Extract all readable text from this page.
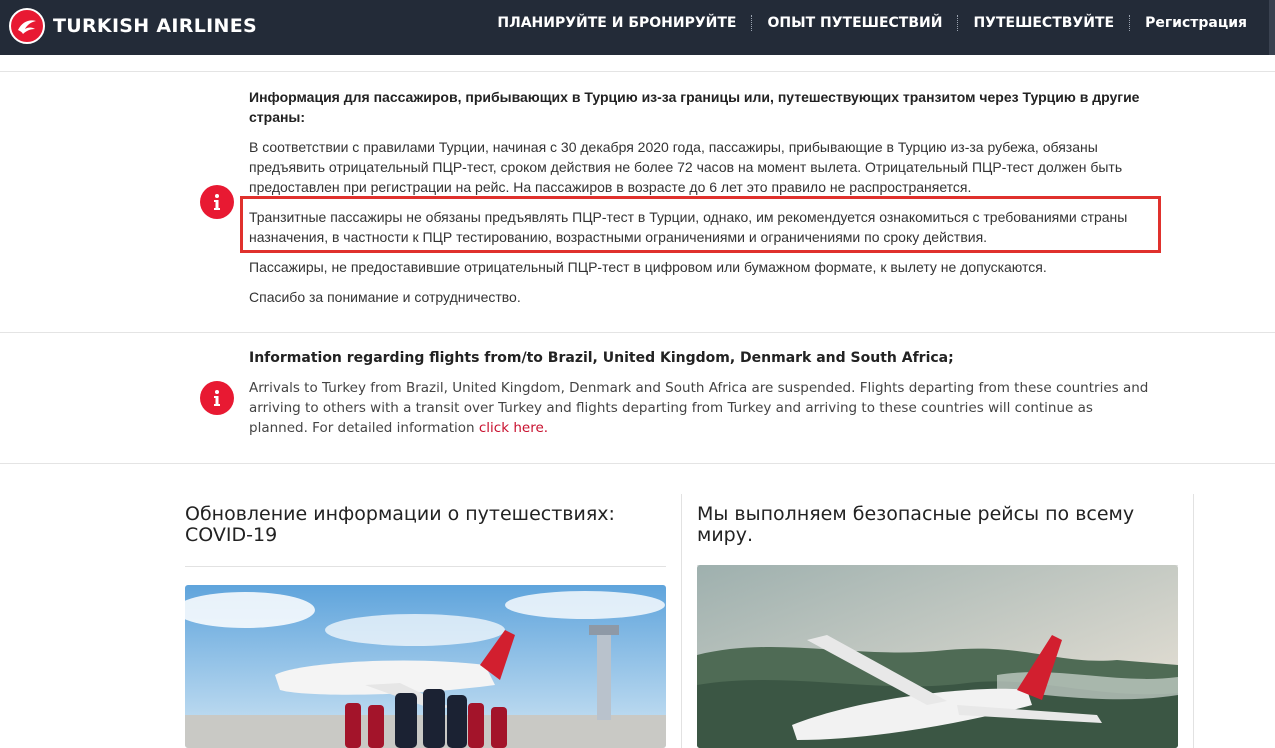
TURKISH AIRLINES	ПЛАНИРУЙТЕ И БРОНИРУЙТЕ	ОПЫТ ПУТЕШЕСТВИЙ	ПУТЕШЕСТВУЙТЕ	Регистрация
Информация для пассажиров, прибывающих в Турцию из-за границы или, путешествующих транзитом через Турцию в другие страны:
В соответствии с правилами Турции, начиная с 30 декабря 2020 года, пассажиры, прибывающие в Турцию из-за рубежа, обязаны предъявить отрицательный ПЦР-тест, сроком действия не более 72 часов на момент вылета. Отрицательный ПЦР-тест должен быть предоставлен при регистрации на рейс. На пассажиров в возрасте до 6 лет это правило не распространяется.
Транзитные пассажиры не обязаны предъявлять ПЦР-тест в Турции, однако, им рекомендуется ознакомиться с требованиями страны назначения, в частности к ПЦР тестированию, возрастными ограничениями и ограничениями по сроку действия.
Пассажиры, не предоставившие отрицательный ПЦР-тест в цифровом или бумажном формате, к вылету не допускаются.
Спасибо за понимание и сотрудничество.
Information regarding flights from/to Brazil, United Kingdom, Denmark and South Africa;
Arrivals to Turkey from Brazil, United Kingdom, Denmark and South Africa are suspended. Flights departing from these countries and arriving to others with a transit over Turkey and flights departing from Turkey and arriving to these countries will continue as planned. For detailed information click here.
Обновление информации о путешествиях: COVID-19
Мы выполняем безопасные рейсы по всему миру.
